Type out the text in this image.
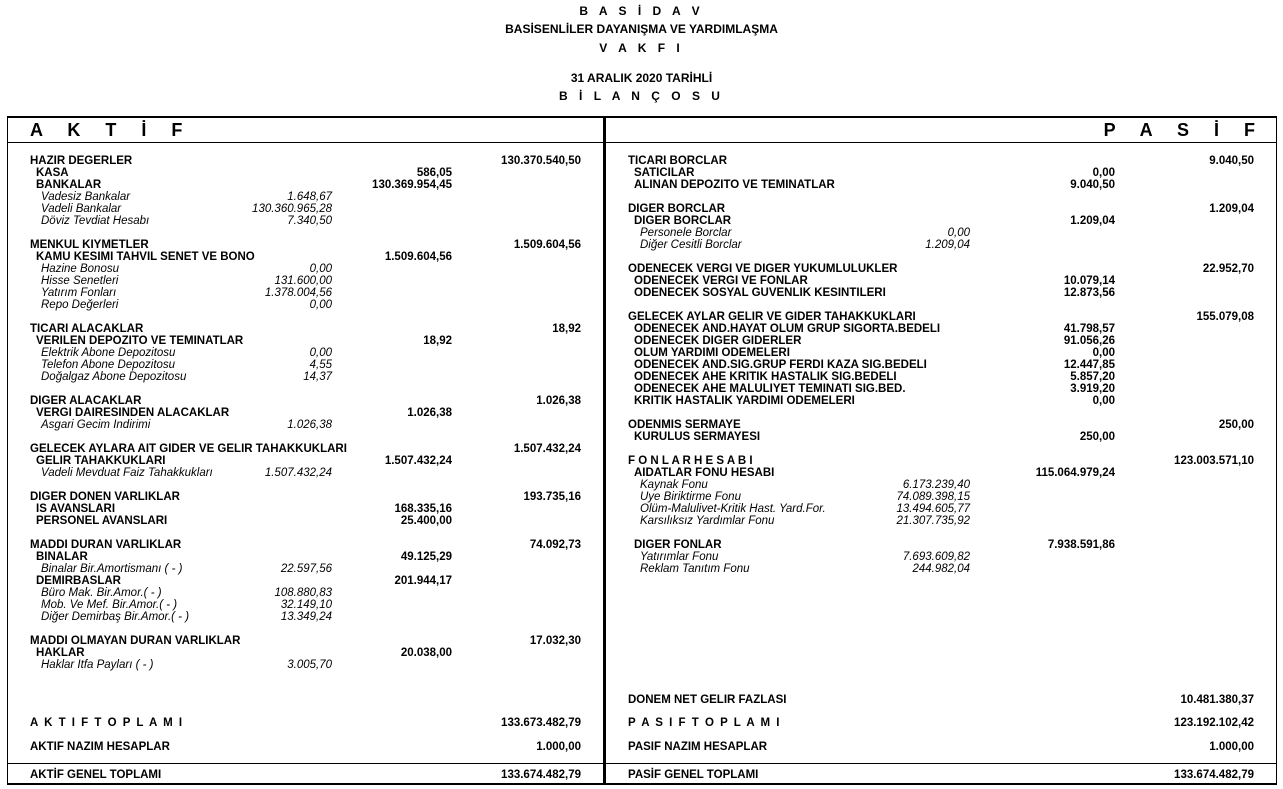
B A S İ D A V
BASİSENLİLER DAYANIŞMA VE YARDIMLAŞMA
V A K F I
31 ARALIK 2020 TARİHLİ
B İ L A N Ç O S U
A K T İ F	P A S İ F
HAZIR DEGERLER	130.370.540,50
KASA	586,05
BANKALAR	130.369.954,45
Vadesiz Bankalar	1.648,67
Vadeli Bankalar	130.360.965,28
Döviz Tevdiat Hesabı	7.340,50
MENKUL KIYMETLER	1.509.604,56
KAMU KESIMI TAHVIL SENET VE BONO	1.509.604,56
Hazine Bonosu	0,00
Hisse Senetleri	131.600,00
Yatırım Fonları	1.378.004,56
Repo Değerleri	0,00
TICARI ALACAKLAR	18,92
VERILEN DEPOZITO VE TEMINATLAR	18,92
Elektrik Abone Depozitosu	0,00
Telefon Abone Depozitosu	4,55
Doğalgaz Abone Depozitosu	14,37
DIGER ALACAKLAR	1.026,38
VERGI DAIRESINDEN ALACAKLAR	1.026,38
Asgari Gecim Indirimi	1.026,38
GELECEK AYLARA AIT GIDER VE GELIR TAHAKKUKLARI	1.507.432,24
GELIR TAHAKKUKLARI	1.507.432,24
Vadeli Mevduat Faiz Tahakkukları	1.507.432,24
DIGER DONEN VARLIKLAR	193.735,16
IS AVANSLARI	168.335,16
PERSONEL AVANSLARI	25.400,00
MADDI DURAN VARLIKLAR	74.092,73
BINALAR	49.125,29
Binalar Bir.Amortismanı ( - )	22.597,56
DEMIRBASLAR	201.944,17
Büro Mak. Bir.Amor.( - )	108.880,83
Mob. Ve Mef. Bir.Amor.( - )	32.149,10
Diğer Demirbaş Bir.Amor.( - )	13.349,24
MADDI OLMAYAN DURAN VARLIKLAR	17.032,30
HAKLAR	20.038,00
Haklar Itfa Payları ( - )	3.005,70
TICARI BORCLAR	9.040,50
SATICILAR	0,00
ALINAN DEPOZITO VE TEMINATLAR	9.040,50
DIGER BORCLAR	1.209,04
DIGER BORCLAR	1.209,04
Personele Borclar	0,00
Diğer Cesitli Borclar	1.209,04
ODENECEK VERGI VE DIGER YUKUMLULUKLER	22.952,70
ODENECEK VERGI VE FONLAR	10.079,14
ODENECEK SOSYAL GUVENLIK KESINTILERI	12.873,56
GELECEK AYLAR GELIR VE GIDER TAHAKKUKLARI	155.079,08
ODENECEK AND.HAYAT OLUM GRUP SIGORTA.BEDELI	41.798,57
ODENECEK DIGER GIDERLER	91.056,26
OLUM YARDIMI ODEMELERI	0,00
ODENECEK AND.SIG.GRUP FERDI KAZA SIG.BEDELI	12.447,85
ODENECEK AHE KRITIK HASTALIK SIG.BEDELI	5.857,20
ODENECEK AHE MALULIYET TEMINATI SIG.BED.	3.919,20
KRITIK HASTALIK YARDIMI ODEMELERI	0,00
ODENMIS SERMAYE	250,00
KURULUS SERMAYESI	250,00
F O N L A R H E S A B I	123.003.571,10
AIDATLAR FONU HESABI	115.064.979,24
Kaynak Fonu	6.173.239,40
Uye Biriktirme Fonu	74.089.398,15
Olüm-Malulivet-Kritik Hast. Yard.For.	13.494.605,77
Karsılıksız Yardımlar Fonu	21.307.735,92
DIGER FONLAR	7.938.591,86
Yatırımlar Fonu	7.693.609,82
Reklam Tanıtım Fonu	244.982,04
A K T I F T O P L A M I	133.673.482,79
AKTIF NAZIM HESAPLAR	1.000,00
AKTİF GENEL TOPLAMI	133.674.482,79
DONEM NET GELIR FAZLASI	10.481.380,37
P A S I F T O P L A M I	123.192.102,42
PASIF NAZIM HESAPLAR	1.000,00
PASİF GENEL TOPLAMI	133.674.482,79
